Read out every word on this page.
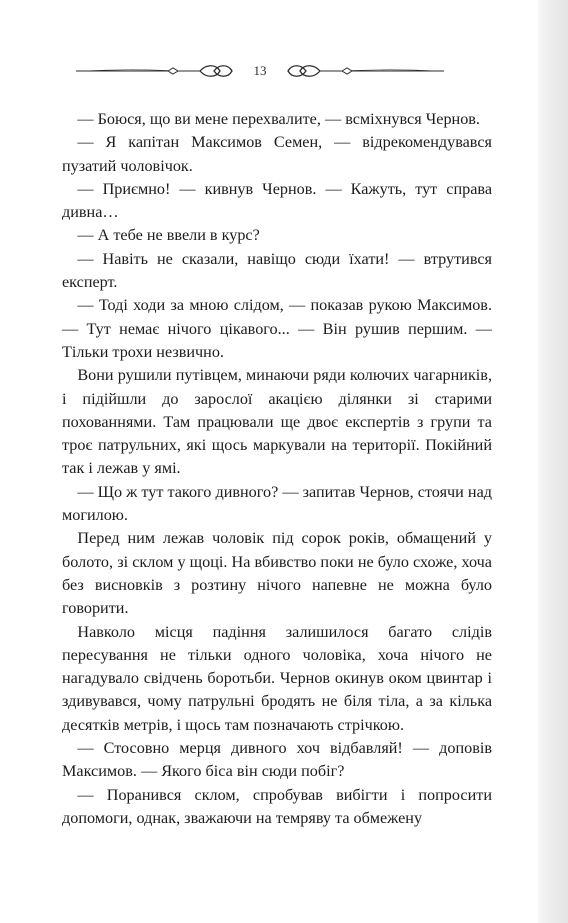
13

— Боюся, що ви мене перехвалите, — всміхнувся Чернов.

— Я капітан Максимов Семен, — відрекомендувався пузатий чоловічок.

— Приємно! — кивнув Чернов. — Кажуть, тут справа дивна…

— А тебе не ввели в курс?

— Навіть не сказали, навіщо сюди їхати! — втрутився експерт.

— Тоді ходи за мною слідом, — показав рукою Максимов. — Тут немає нічого цікавого... — Він рушив першим. — Тільки трохи незвично.

Вони рушили путівцем, минаючи ряди колючих чагарників, і підійшли до зарослої акацією ділянки зі старими похованнями. Там працювали ще двоє експертів з групи та троє патрульних, які щось маркували на території. Покійний так і лежав у ямі.

— Що ж тут такого дивного? — запитав Чернов, стоячи над могилою.

Перед ним лежав чоловік під сорок років, обмащений у болото, зі склом у щоці. На вбивство поки не було схоже, хоча без висновків з розтину нічого напевне не можна було говорити.

Навколо місця падіння залишилося багато слідів пересування не тільки одного чоловіка, хоча нічого не нагадувало свідчень боротьби. Чернов окинув оком цвинтар і здивувався, чому патрульні бродять не біля тіла, а за кілька десятків метрів, і щось там позначають стрічкою.

— Стосовно мерця дивного хоч відбавляй! — доповів Максимов. — Якого біса він сюди побіг?

— Поранився склом, спробував вибігти і попросити допомоги, однак, зважаючи на темряву та обмежену
